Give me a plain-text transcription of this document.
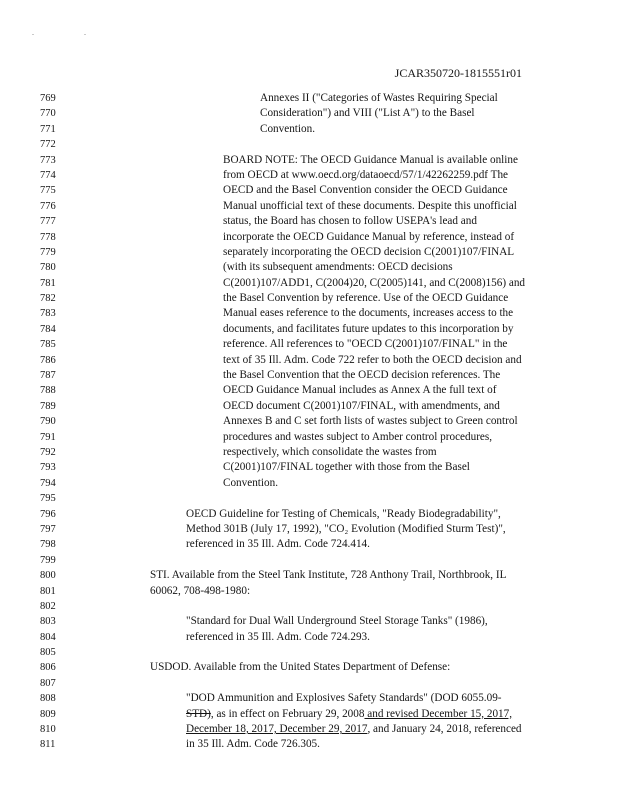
. .
JCAR350720-1815551r01
769	Annexes II ("Categories of Wastes Requiring Special
770	Consideration") and VIII ("List A") to the Basel
771	Convention.
772
773	BOARD NOTE: The OECD Guidance Manual is available online
774	from OECD at www.oecd.org/dataoecd/57/1/42262259.pdf The
775	OECD and the Basel Convention consider the OECD Guidance
776	Manual unofficial text of these documents. Despite this unofficial
777	status, the Board has chosen to follow USEPA's lead and
778	incorporate the OECD Guidance Manual by reference, instead of
779	separately incorporating the OECD decision C(2001)107/FINAL
780	(with its subsequent amendments: OECD decisions
781	C(2001)107/ADD1, C(2004)20, C(2005)141, and C(2008)156) and
782	the Basel Convention by reference. Use of the OECD Guidance
783	Manual eases reference to the documents, increases access to the
784	documents, and facilitates future updates to this incorporation by
785	reference. All references to "OECD C(2001)107/FINAL" in the
786	text of 35 Ill. Adm. Code 722 refer to both the OECD decision and
787	the Basel Convention that the OECD decision references. The
788	OECD Guidance Manual includes as Annex A the full text of
789	OECD document C(2001)107/FINAL, with amendments, and
790	Annexes B and C set forth lists of wastes subject to Green control
791	procedures and wastes subject to Amber control procedures,
792	respectively, which consolidate the wastes from
793	C(2001)107/FINAL together with those from the Basel
794	Convention.
795
796	OECD Guideline for Testing of Chemicals, "Ready Biodegradability",
797	Method 301B (July 17, 1992), "CO₂ Evolution (Modified Sturm Test)",
798	referenced in 35 Ill. Adm. Code 724.414.
799
800	STI. Available from the Steel Tank Institute, 728 Anthony Trail, Northbrook, IL
801	60062, 708-498-1980:
802
803	"Standard for Dual Wall Underground Steel Storage Tanks" (1986),
804	referenced in 35 Ill. Adm. Code 724.293.
805
806	USDOD. Available from the United States Department of Defense:
807
808	"DOD Ammunition and Explosives Safety Standards" (DOD 6055.09-
809	STD), as in effect on February 29, 2008 and revised December 15, 2017,
810	December 18, 2017, December 29, 2017, and January 24, 2018, referenced
811	in 35 Ill. Adm. Code 726.305.
